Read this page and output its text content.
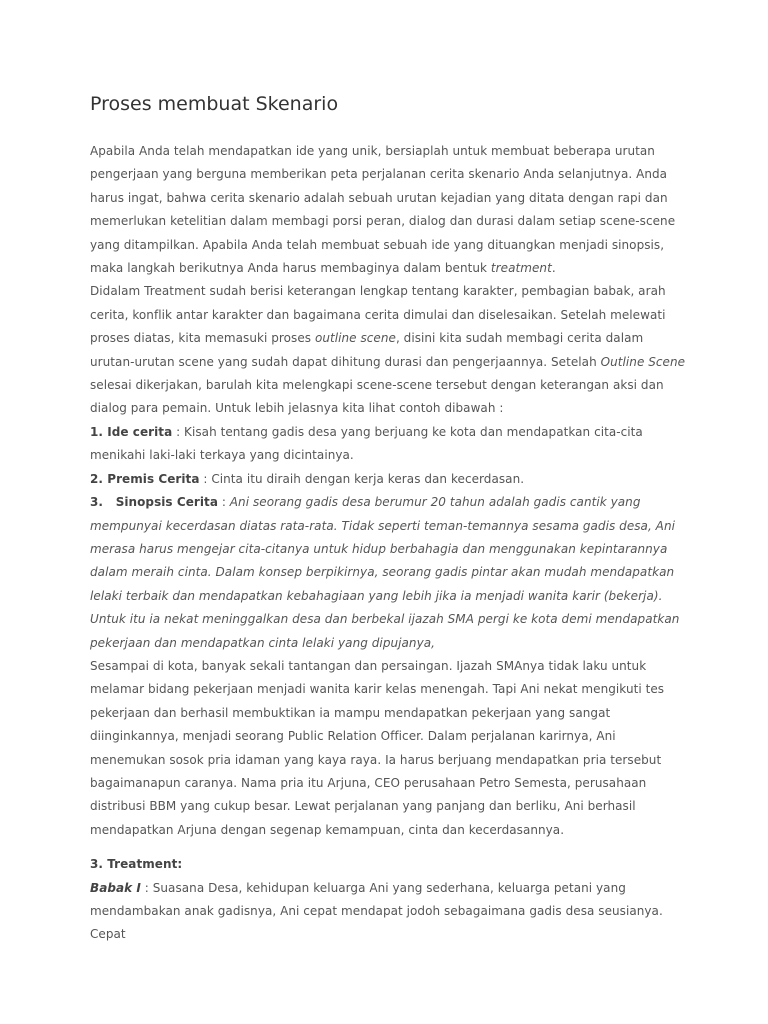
Proses membuat Skenario

Apabila Anda telah mendapatkan ide yang unik, bersiaplah untuk membuat beberapa urutan pengerjaan yang berguna memberikan peta perjalanan cerita skenario Anda selanjutnya. Anda harus ingat, bahwa cerita skenario adalah sebuah urutan kejadian yang ditata dengan rapi dan memerlukan ketelitian dalam membagi porsi peran, dialog dan durasi dalam setiap scene-scene yang ditampilkan. Apabila Anda telah membuat sebuah ide yang dituangkan menjadi sinopsis, maka langkah berikutnya Anda harus membaginya dalam bentuk treatment.

Didalam Treatment sudah berisi keterangan lengkap tentang karakter, pembagian babak, arah cerita, konflik antar karakter dan bagaimana cerita dimulai dan diselesaikan. Setelah melewati proses diatas, kita memasuki proses outline scene, disini kita sudah membagi cerita dalam urutan-urutan scene yang sudah dapat dihitung durasi dan pengerjaannya. Setelah Outline Scene selesai dikerjakan, barulah kita melengkapi scene-scene tersebut dengan keterangan aksi dan dialog para pemain. Untuk lebih jelasnya kita lihat contoh dibawah :

1. Ide cerita : Kisah tentang gadis desa yang berjuang ke kota dan mendapatkan cita-cita menikahi laki-laki terkaya yang dicintainya.

2. Premis Cerita : Cinta itu diraih dengan kerja keras dan kecerdasan.

3.   Sinopsis Cerita : Ani seorang gadis desa berumur 20 tahun adalah gadis cantik yang mempunyai kecerdasan diatas rata-rata. Tidak seperti teman-temannya sesama gadis desa, Ani merasa harus mengejar cita-citanya untuk hidup berbahagia dan menggunakan kepintarannya dalam meraih cinta. Dalam konsep berpikirnya, seorang gadis pintar akan mudah mendapatkan lelaki terbaik dan mendapatkan kebahagiaan yang lebih jika ia menjadi wanita karir (bekerja). Untuk itu ia nekat meninggalkan desa dan berbekal ijazah SMA pergi ke kota demi mendapatkan pekerjaan dan mendapatkan cinta lelaki yang dipujanya,

Sesampai di kota, banyak sekali tantangan dan persaingan. Ijazah SMAnya tidak laku untuk melamar bidang pekerjaan menjadi wanita karir kelas menengah. Tapi Ani nekat mengikuti tes pekerjaan dan berhasil membuktikan ia mampu mendapatkan pekerjaan yang sangat diinginkannya, menjadi seorang Public Relation Officer. Dalam perjalanan karirnya, Ani menemukan sosok pria idaman yang kaya raya. Ia harus berjuang mendapatkan pria tersebut bagaimanapun caranya. Nama pria itu Arjuna, CEO perusahaan Petro Semesta, perusahaan distribusi BBM yang cukup besar. Lewat perjalanan yang panjang dan berliku, Ani berhasil mendapatkan Arjuna dengan segenap kemampuan, cinta dan kecerdasannya.

3. Treatment:

Babak I : Suasana Desa, kehidupan keluarga Ani yang sederhana, keluarga petani yang mendambakan anak gadisnya, Ani cepat mendapat jodoh sebagaimana gadis desa seusianya. Cepat
